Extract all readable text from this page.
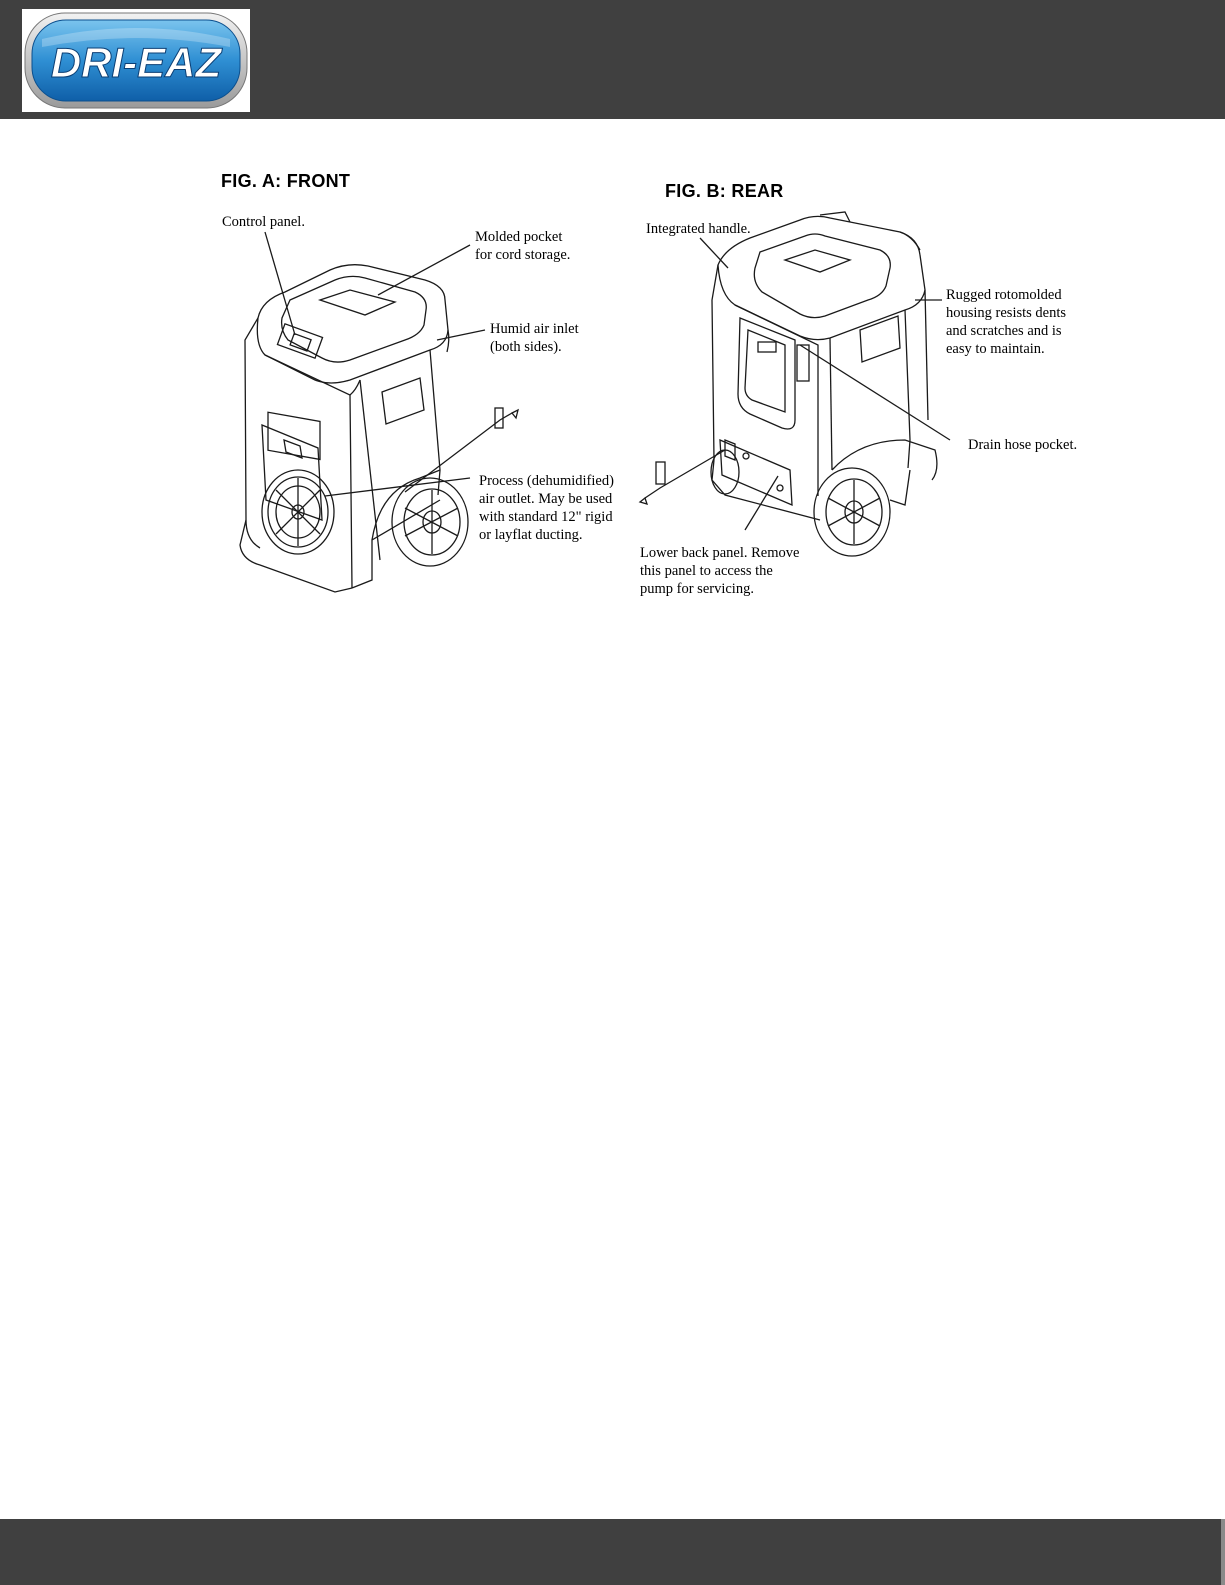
DRI-EAZ
FIG. A: FRONT	FIG. B: REAR
Control panel.
Molded pocket
for cord storage.
Humid air inlet
(both sides).
Process (dehumidified)
air outlet. May be used
with standard 12" rigid
or layflat ducting.
Integrated handle.
Rugged rotomolded
housing resists dents
and scratches and is
easy to maintain.
Drain hose pocket.
Lower back panel. Remove
this panel to access the
pump for servicing.
